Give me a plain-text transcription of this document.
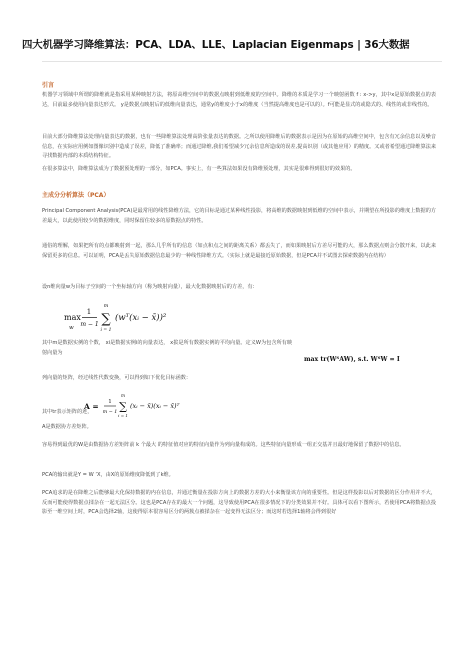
四大机器学习降维算法：PCA、LDA、LLE、Laplacian Eigenmaps | 36大数据
引言
机器学习领域中所谓的降维就是指采用某种映射方法，将原高维空间中的数据点映射到低维度的空间中。降维的本质是学习一个映射函数 f : x->y，其中x是原始数据点的表达，目前最多使用向量表达形式。 y是数据点映射后的低维向量表达，通常y的维度小于x的维度（当然提高维度也是可以的）。f可能是显式的或隐式的、线性的或非线性的。
目前大部分降维算法处理向量表达的数据，也有一些降维算法处理高阶张量表达的数据。之所以使用降维后的数据表示是因为在原始的高维空间中，包含有冗余信息以及噪音信息，在实际应用例如图像识别中造成了误差，降低了准确率；而通过降维,我们希望减少冗余信息所造成的误差,提高识别（或其他应用）的精度。又或者希望通过降维算法来寻找数据内部的本质结构特征。
在很多算法中，降维算法成为了数据预处理的一部分，如PCA。事实上，有一些算法如果没有降维预处理，其实是很难得到很好的效果的。
主成分分析算法（PCA）
Principal Component Analysis(PCA)是最常用的线性降维方法，它的目标是通过某种线性投影，将高维的数据映射到低维的空间中表示，并期望在所投影的维度上数据的方差最大，以此使用较少的数据维度，同时保留住较多的原数据点的特性。
通俗的理解，如果把所有的点都映射到一起，那么几乎所有的信息（如点和点之间的距离关系）都丢失了，而如果映射后方差尽可能的大，那么数据点则会分散开来，以此来保留更多的信息。可以证明，PCA是丢失原始数据信息最少的一种线性降维方式。（实际上就是最接近原始数据，但是PCA并不试图去探索数据内在结构）
设n维向量w为目标子空间的一个坐标轴方向（称为映射向量），最大化数据映射后的方差，有：
max
w
1
m − 1
m
∑
i = 1
(wᵀ(xᵢ − x̄))²
其中m是数据实例的个数， xi是数据实例i的向量表达， x拔是所有数据实例的平均向量。定义W为包含所有映射向量为
max tr(WᵀAW), s.t. WᵀW = I
列向量的矩阵，经过线性代数变换，可以得到如下优化目标函数：
A = 1
m − 1
m
∑
i = 1
(xᵢ − x̄)(xᵢ − x̄)ᵀ
其中tr表示矩阵的迹，
A是数据协方差矩阵。
容易得到最优的W是由数据协方差矩阵前 k 个最大 的特征值对应的特征向量作为列向量构成的。这些特征向量形成一组正交基并且最好地保留了数据中的信息。
PCA的输出就是Y = W ‘X，由X的原始维度降低到了k维。
PCA追求的是在降维之后能够最大化保持数据的内在信息，并通过衡量在投影方向上的数据方差的大小来衡量该方向的重要性。但是这样投影以后对数据的区分作用并不大，反而可能使得数据点揉杂在一起无法区分。这也是PCA存在的最大一个问题，这导致使用PCA在很多情况下的分类效果并不好。具体可以看下图所示，若使用PCA将数据点投影至一维空间上时，PCA会选择2轴，这使得原本很容易区分的两簇点被揉杂在一起变得无法区分；而这时若选择1轴将会得到很好
